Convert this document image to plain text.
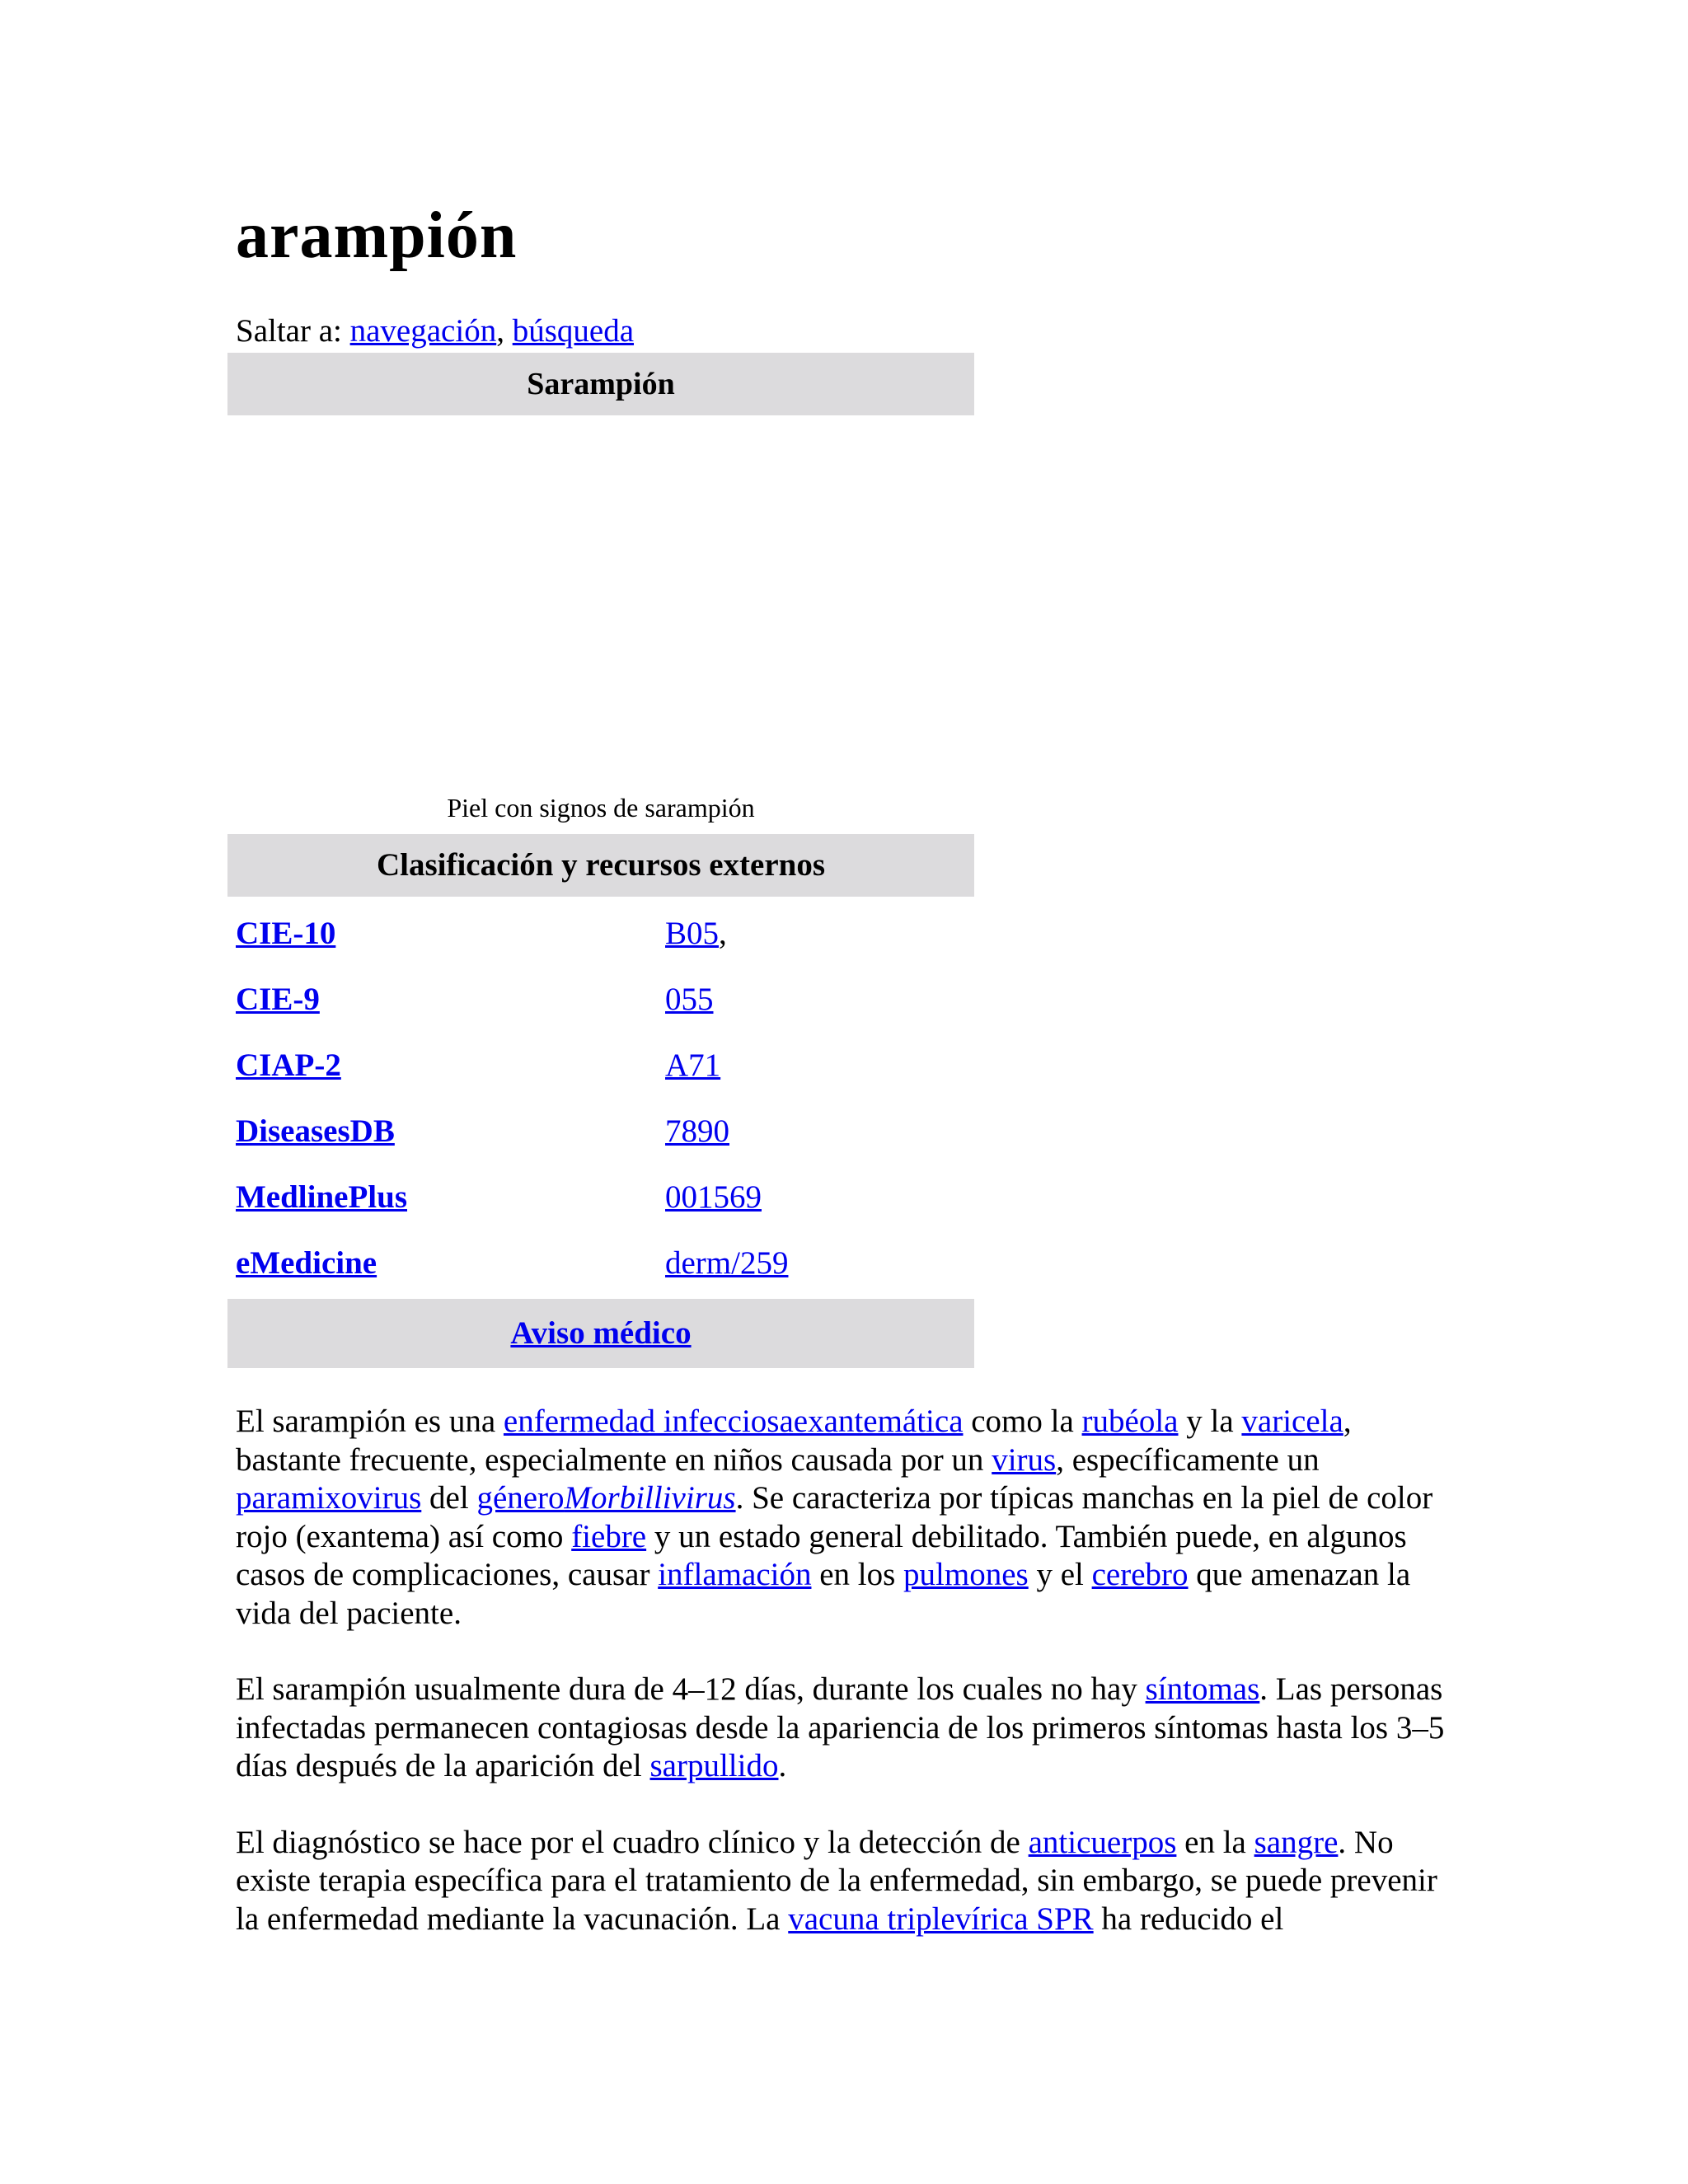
arampión
Saltar a: navegación, búsqueda
Sarampión
Piel con signos de sarampión
Clasificación y recursos externos
CIE-10	B05,
CIE-9	055
CIAP-2	A71
DiseasesDB	7890
MedlinePlus	001569
eMedicine	derm/259
Aviso médico

El sarampión es una enfermedad infecciosaexantemática como la rubéola y la varicela, bastante frecuente, especialmente en niños causada por un virus, específicamente un paramixovirus del géneroMorbillivirus. Se caracteriza por típicas manchas en la piel de color rojo (exantema) así como fiebre y un estado general debilitado. También puede, en algunos casos de complicaciones, causar inflamación en los pulmones y el cerebro que amenazan la vida del paciente.

El sarampión usualmente dura de 4–12 días, durante los cuales no hay síntomas. Las personas infectadas permanecen contagiosas desde la apariencia de los primeros síntomas hasta los 3–5 días después de la aparición del sarpullido.

El diagnóstico se hace por el cuadro clínico y la detección de anticuerpos en la sangre. No existe terapia específica para el tratamiento de la enfermedad, sin embargo, se puede prevenir la enfermedad mediante la vacunación. La vacuna triplevírica SPR ha reducido el
